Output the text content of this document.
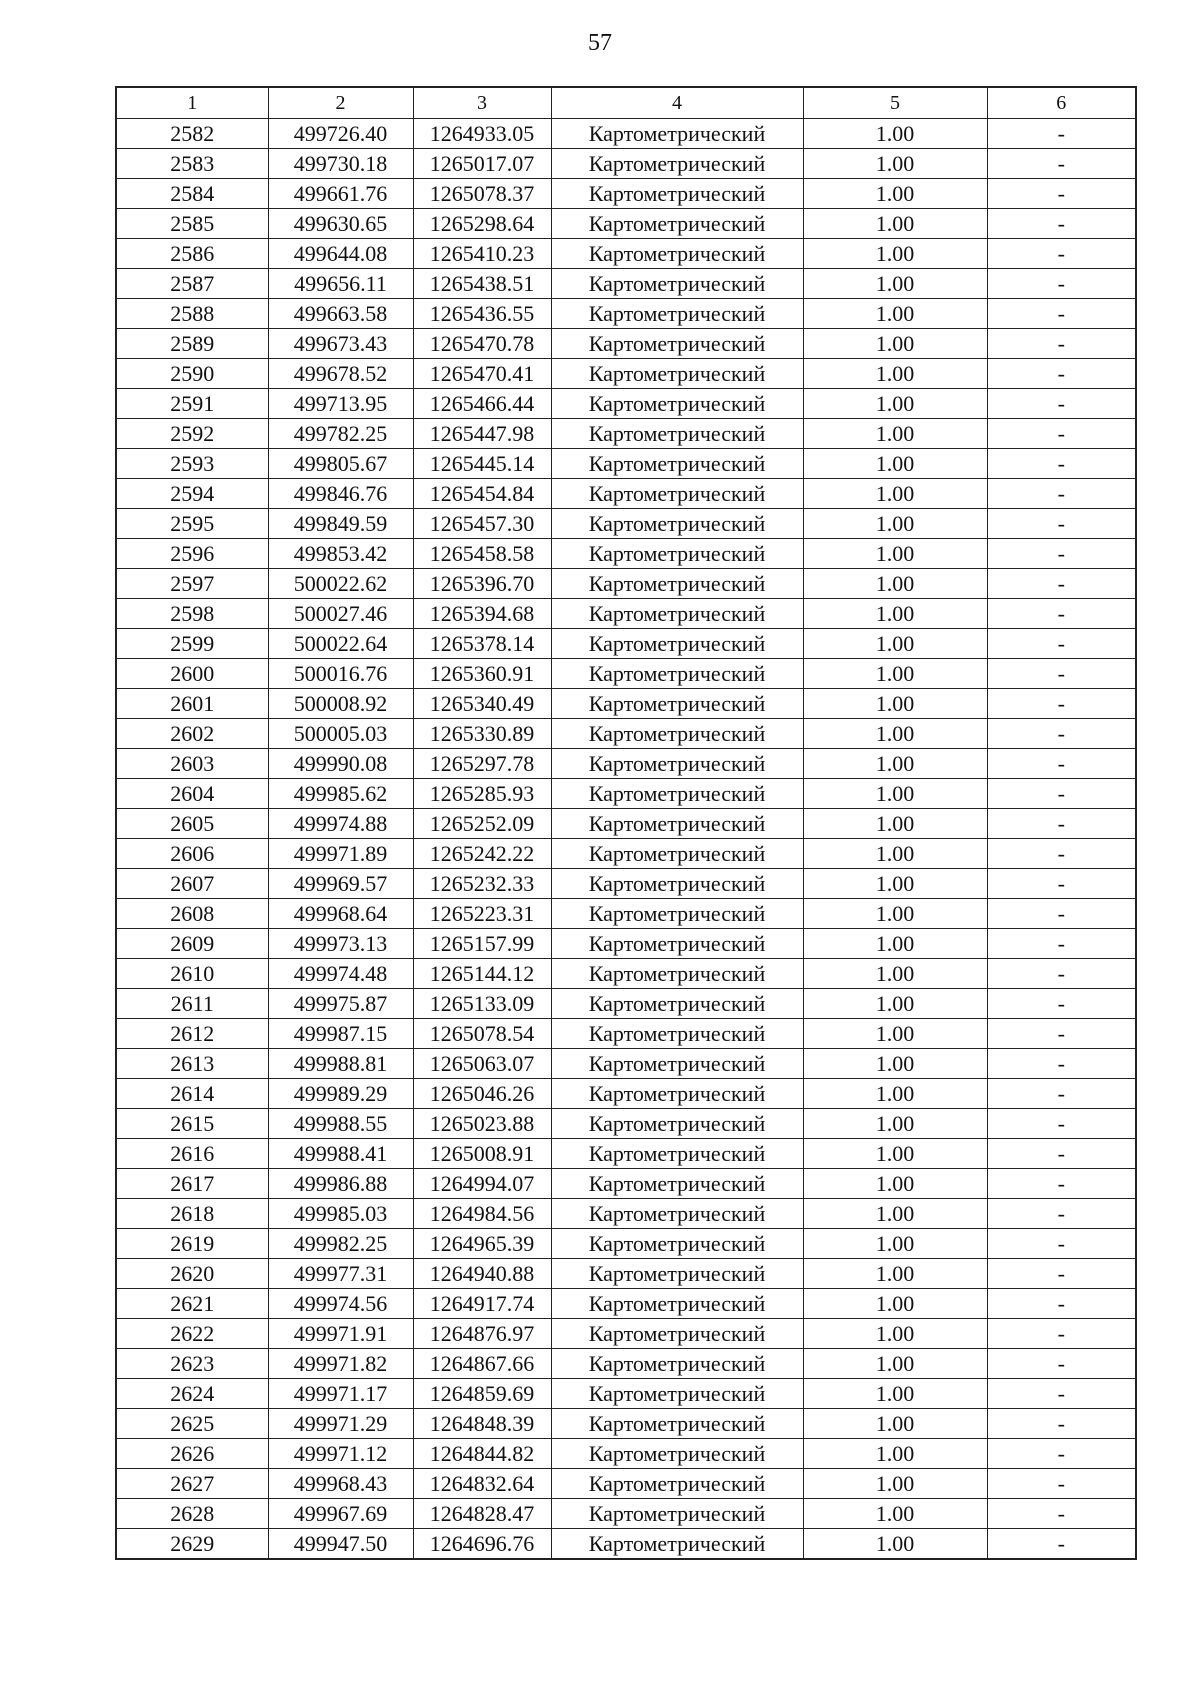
57
1	2	3	4	5	6
2582	499726.40	1264933.05	Картометрический	1.00	-
2583	499730.18	1265017.07	Картометрический	1.00	-
2584	499661.76	1265078.37	Картометрический	1.00	-
2585	499630.65	1265298.64	Картометрический	1.00	-
2586	499644.08	1265410.23	Картометрический	1.00	-
2587	499656.11	1265438.51	Картометрический	1.00	-
2588	499663.58	1265436.55	Картометрический	1.00	-
2589	499673.43	1265470.78	Картометрический	1.00	-
2590	499678.52	1265470.41	Картометрический	1.00	-
2591	499713.95	1265466.44	Картометрический	1.00	-
2592	499782.25	1265447.98	Картометрический	1.00	-
2593	499805.67	1265445.14	Картометрический	1.00	-
2594	499846.76	1265454.84	Картометрический	1.00	-
2595	499849.59	1265457.30	Картометрический	1.00	-
2596	499853.42	1265458.58	Картометрический	1.00	-
2597	500022.62	1265396.70	Картометрический	1.00	-
2598	500027.46	1265394.68	Картометрический	1.00	-
2599	500022.64	1265378.14	Картометрический	1.00	-
2600	500016.76	1265360.91	Картометрический	1.00	-
2601	500008.92	1265340.49	Картометрический	1.00	-
2602	500005.03	1265330.89	Картометрический	1.00	-
2603	499990.08	1265297.78	Картометрический	1.00	-
2604	499985.62	1265285.93	Картометрический	1.00	-
2605	499974.88	1265252.09	Картометрический	1.00	-
2606	499971.89	1265242.22	Картометрический	1.00	-
2607	499969.57	1265232.33	Картометрический	1.00	-
2608	499968.64	1265223.31	Картометрический	1.00	-
2609	499973.13	1265157.99	Картометрический	1.00	-
2610	499974.48	1265144.12	Картометрический	1.00	-
2611	499975.87	1265133.09	Картометрический	1.00	-
2612	499987.15	1265078.54	Картометрический	1.00	-
2613	499988.81	1265063.07	Картометрический	1.00	-
2614	499989.29	1265046.26	Картометрический	1.00	-
2615	499988.55	1265023.88	Картометрический	1.00	-
2616	499988.41	1265008.91	Картометрический	1.00	-
2617	499986.88	1264994.07	Картометрический	1.00	-
2618	499985.03	1264984.56	Картометрический	1.00	-
2619	499982.25	1264965.39	Картометрический	1.00	-
2620	499977.31	1264940.88	Картометрический	1.00	-
2621	499974.56	1264917.74	Картометрический	1.00	-
2622	499971.91	1264876.97	Картометрический	1.00	-
2623	499971.82	1264867.66	Картометрический	1.00	-
2624	499971.17	1264859.69	Картометрический	1.00	-
2625	499971.29	1264848.39	Картометрический	1.00	-
2626	499971.12	1264844.82	Картометрический	1.00	-
2627	499968.43	1264832.64	Картометрический	1.00	-
2628	499967.69	1264828.47	Картометрический	1.00	-
2629	499947.50	1264696.76	Картометрический	1.00	-
